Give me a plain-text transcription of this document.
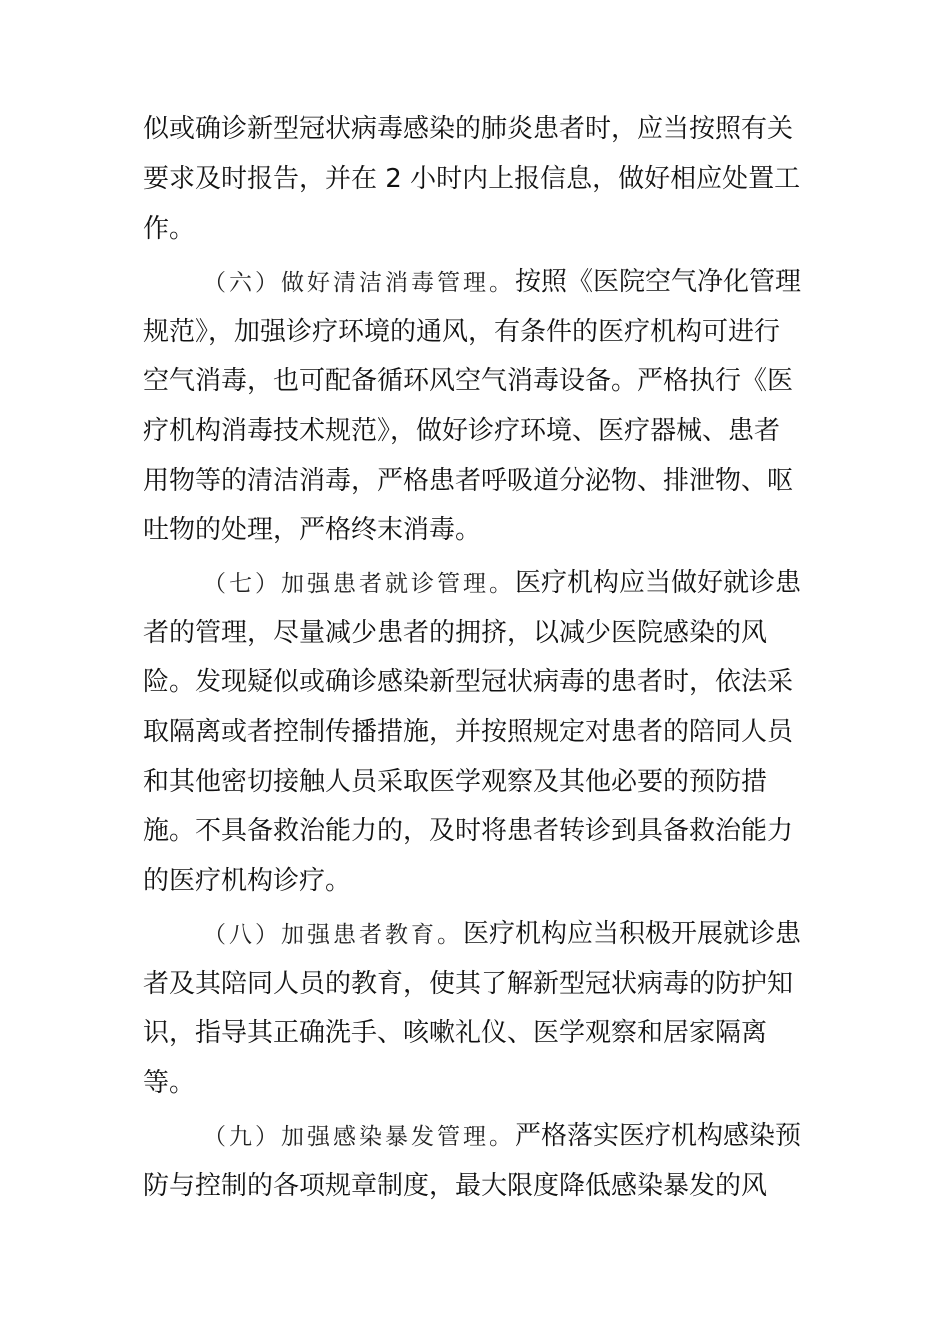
似或确诊新型冠状病毒感染的肺炎患者时，应当按照有关
要求及时报告，并在 2 小时内上报信息，做好相应处置工
作。
（六）做好清洁消毒管理。按照《医院空气净化管理
规范》，加强诊疗环境的通风，有条件的医疗机构可进行
空气消毒，也可配备循环风空气消毒设备。严格执行《医
疗机构消毒技术规范》，做好诊疗环境、医疗器械、患者
用物等的清洁消毒，严格患者呼吸道分泌物、排泄物、呕
吐物的处理，严格终末消毒。
（七）加强患者就诊管理。医疗机构应当做好就诊患
者的管理，尽量减少患者的拥挤，以减少医院感染的风
险。发现疑似或确诊感染新型冠状病毒的患者时，依法采
取隔离或者控制传播措施，并按照规定对患者的陪同人员
和其他密切接触人员采取医学观察及其他必要的预防措
施。不具备救治能力的，及时将患者转诊到具备救治能力
的医疗机构诊疗。
（八）加强患者教育。医疗机构应当积极开展就诊患
者及其陪同人员的教育，使其了解新型冠状病毒的防护知
识，指导其正确洗手、咳嗽礼仪、医学观察和居家隔离
等。
（九）加强感染暴发管理。严格落实医疗机构感染预
防与控制的各项规章制度，最大限度降低感染暴发的风
